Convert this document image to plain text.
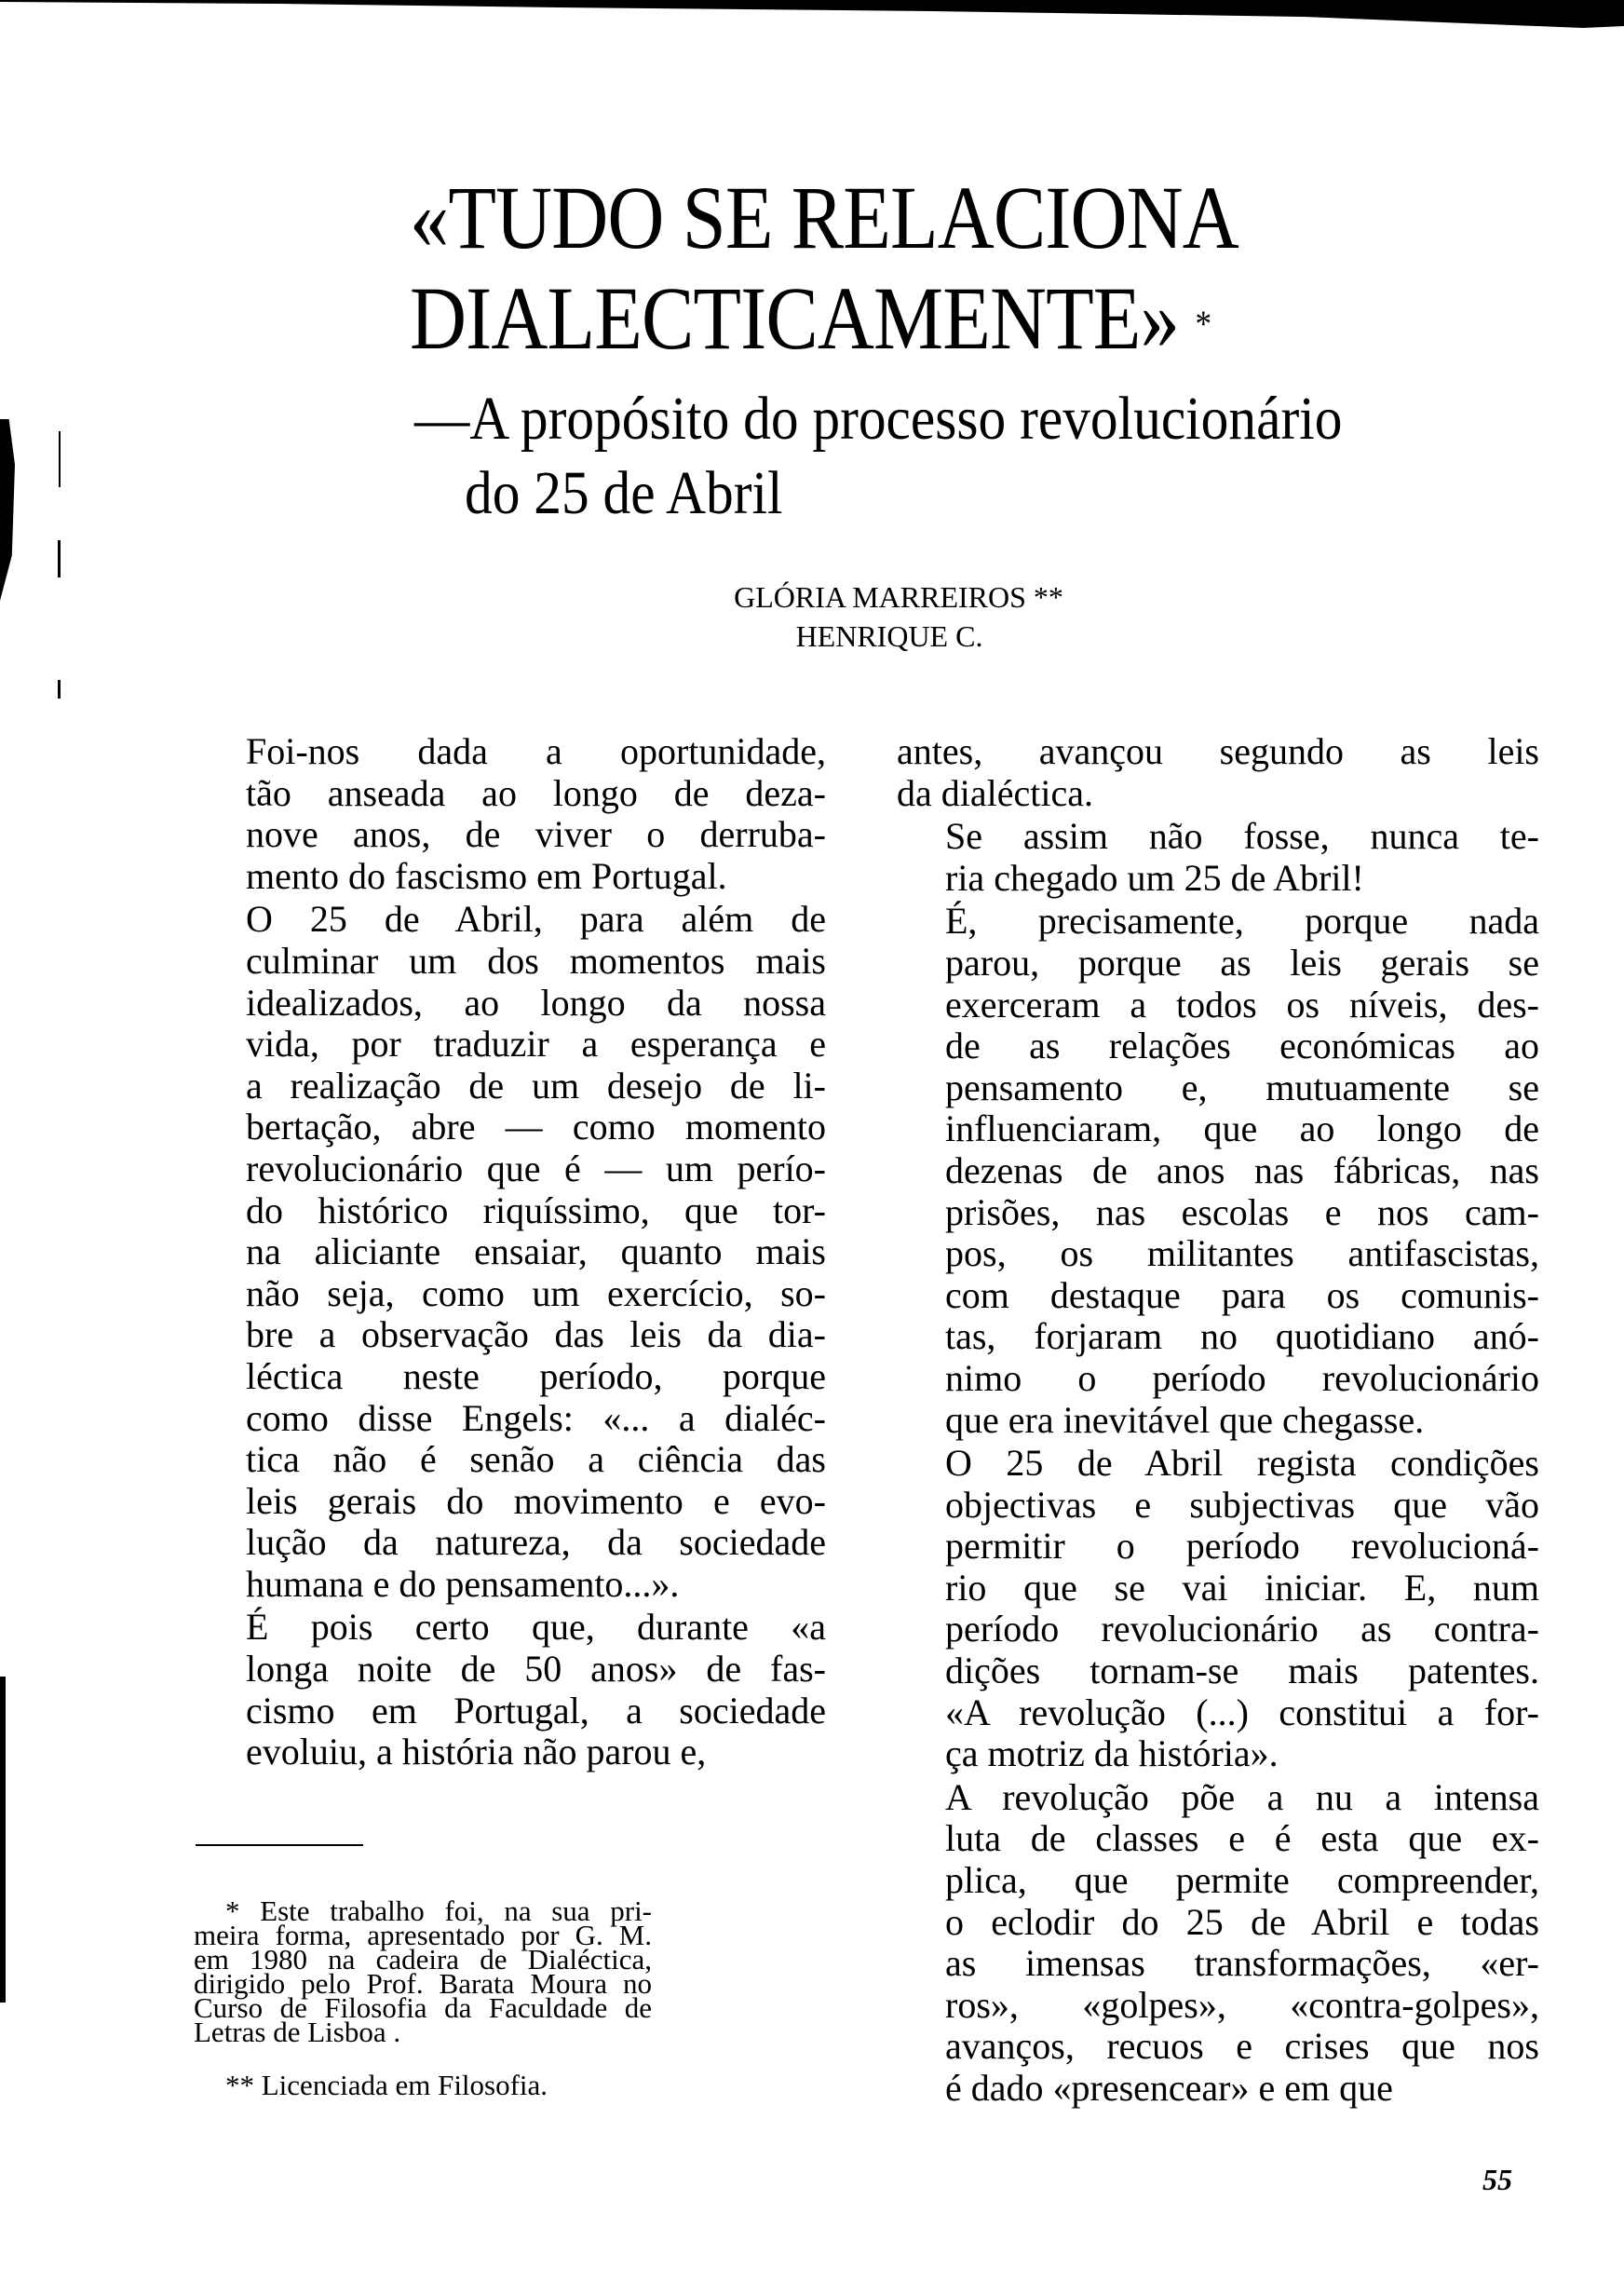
«TUDO SE RELACIONA
DIALECTICAMENTE» *
—A propósito do processo revolucionário
do 25 de Abril
GLÓRIA MARREIROS **
HENRIQUE C.

Foi-nos dada a oportunidade,
tão anseada ao longo de deza-
nove anos, de viver o derruba-
mento do fascismo em Portugal.

O 25 de Abril, para além de
culminar um dos momentos mais
idealizados, ao longo da nossa
vida, por traduzir a esperança e
a realização de um desejo de li-
bertação, abre — como momento
revolucionário que é — um perío-
do histórico riquíssimo, que tor-
na aliciante ensaiar, quanto mais
não seja, como um exercício, so-
bre a observação das leis da dia-
léctica neste período, porque
como disse Engels: «... a dialéc-
tica não é senão a ciência das
leis gerais do movimento e evo-
lução da natureza, da sociedade
humana e do pensamento...».

É pois certo que, durante «a
longa noite de 50 anos» de fas-
cismo em Portugal, a sociedade
evoluiu, a história não parou e,

antes, avançou segundo as leis
da dialéctica.

Se assim não fosse, nunca te-
ria chegado um 25 de Abril!

É, precisamente, porque nada
parou, porque as leis gerais se
exerceram a todos os níveis, des-
de as relações económicas ao
pensamento e, mutuamente se
influenciaram, que ao longo de
dezenas de anos nas fábricas, nas
prisões, nas escolas e nos cam-
pos, os militantes antifascistas,
com destaque para os comunis-
tas, forjaram no quotidiano anó-
nimo o período revolucionário
que era inevitável que chegasse.

O 25 de Abril regista condições
objectivas e subjectivas que vão
permitir o período revolucioná-
rio que se vai iniciar. E, num
período revolucionário as contra-
dições tornam-se mais patentes.
«A revolução (...) constitui a for-
ça motriz da história».

A revolução põe a nu a intensa
luta de classes e é esta que ex-
plica, que permite compreender,
o eclodir do 25 de Abril e todas
as imensas transformações, «er-
ros», «golpes», «contra-golpes»,
avanços, recuos e crises que nos
é dado «presencear» e em que

* Este trabalho foi, na sua pri-
meira forma, apresentado por G. M.
em 1980 na cadeira de Dialéctica,
dirigido pelo Prof. Barata Moura no
Curso de Filosofia da Faculdade de
Letras de Lisboa .

** Licenciada em Filosofia.

55
